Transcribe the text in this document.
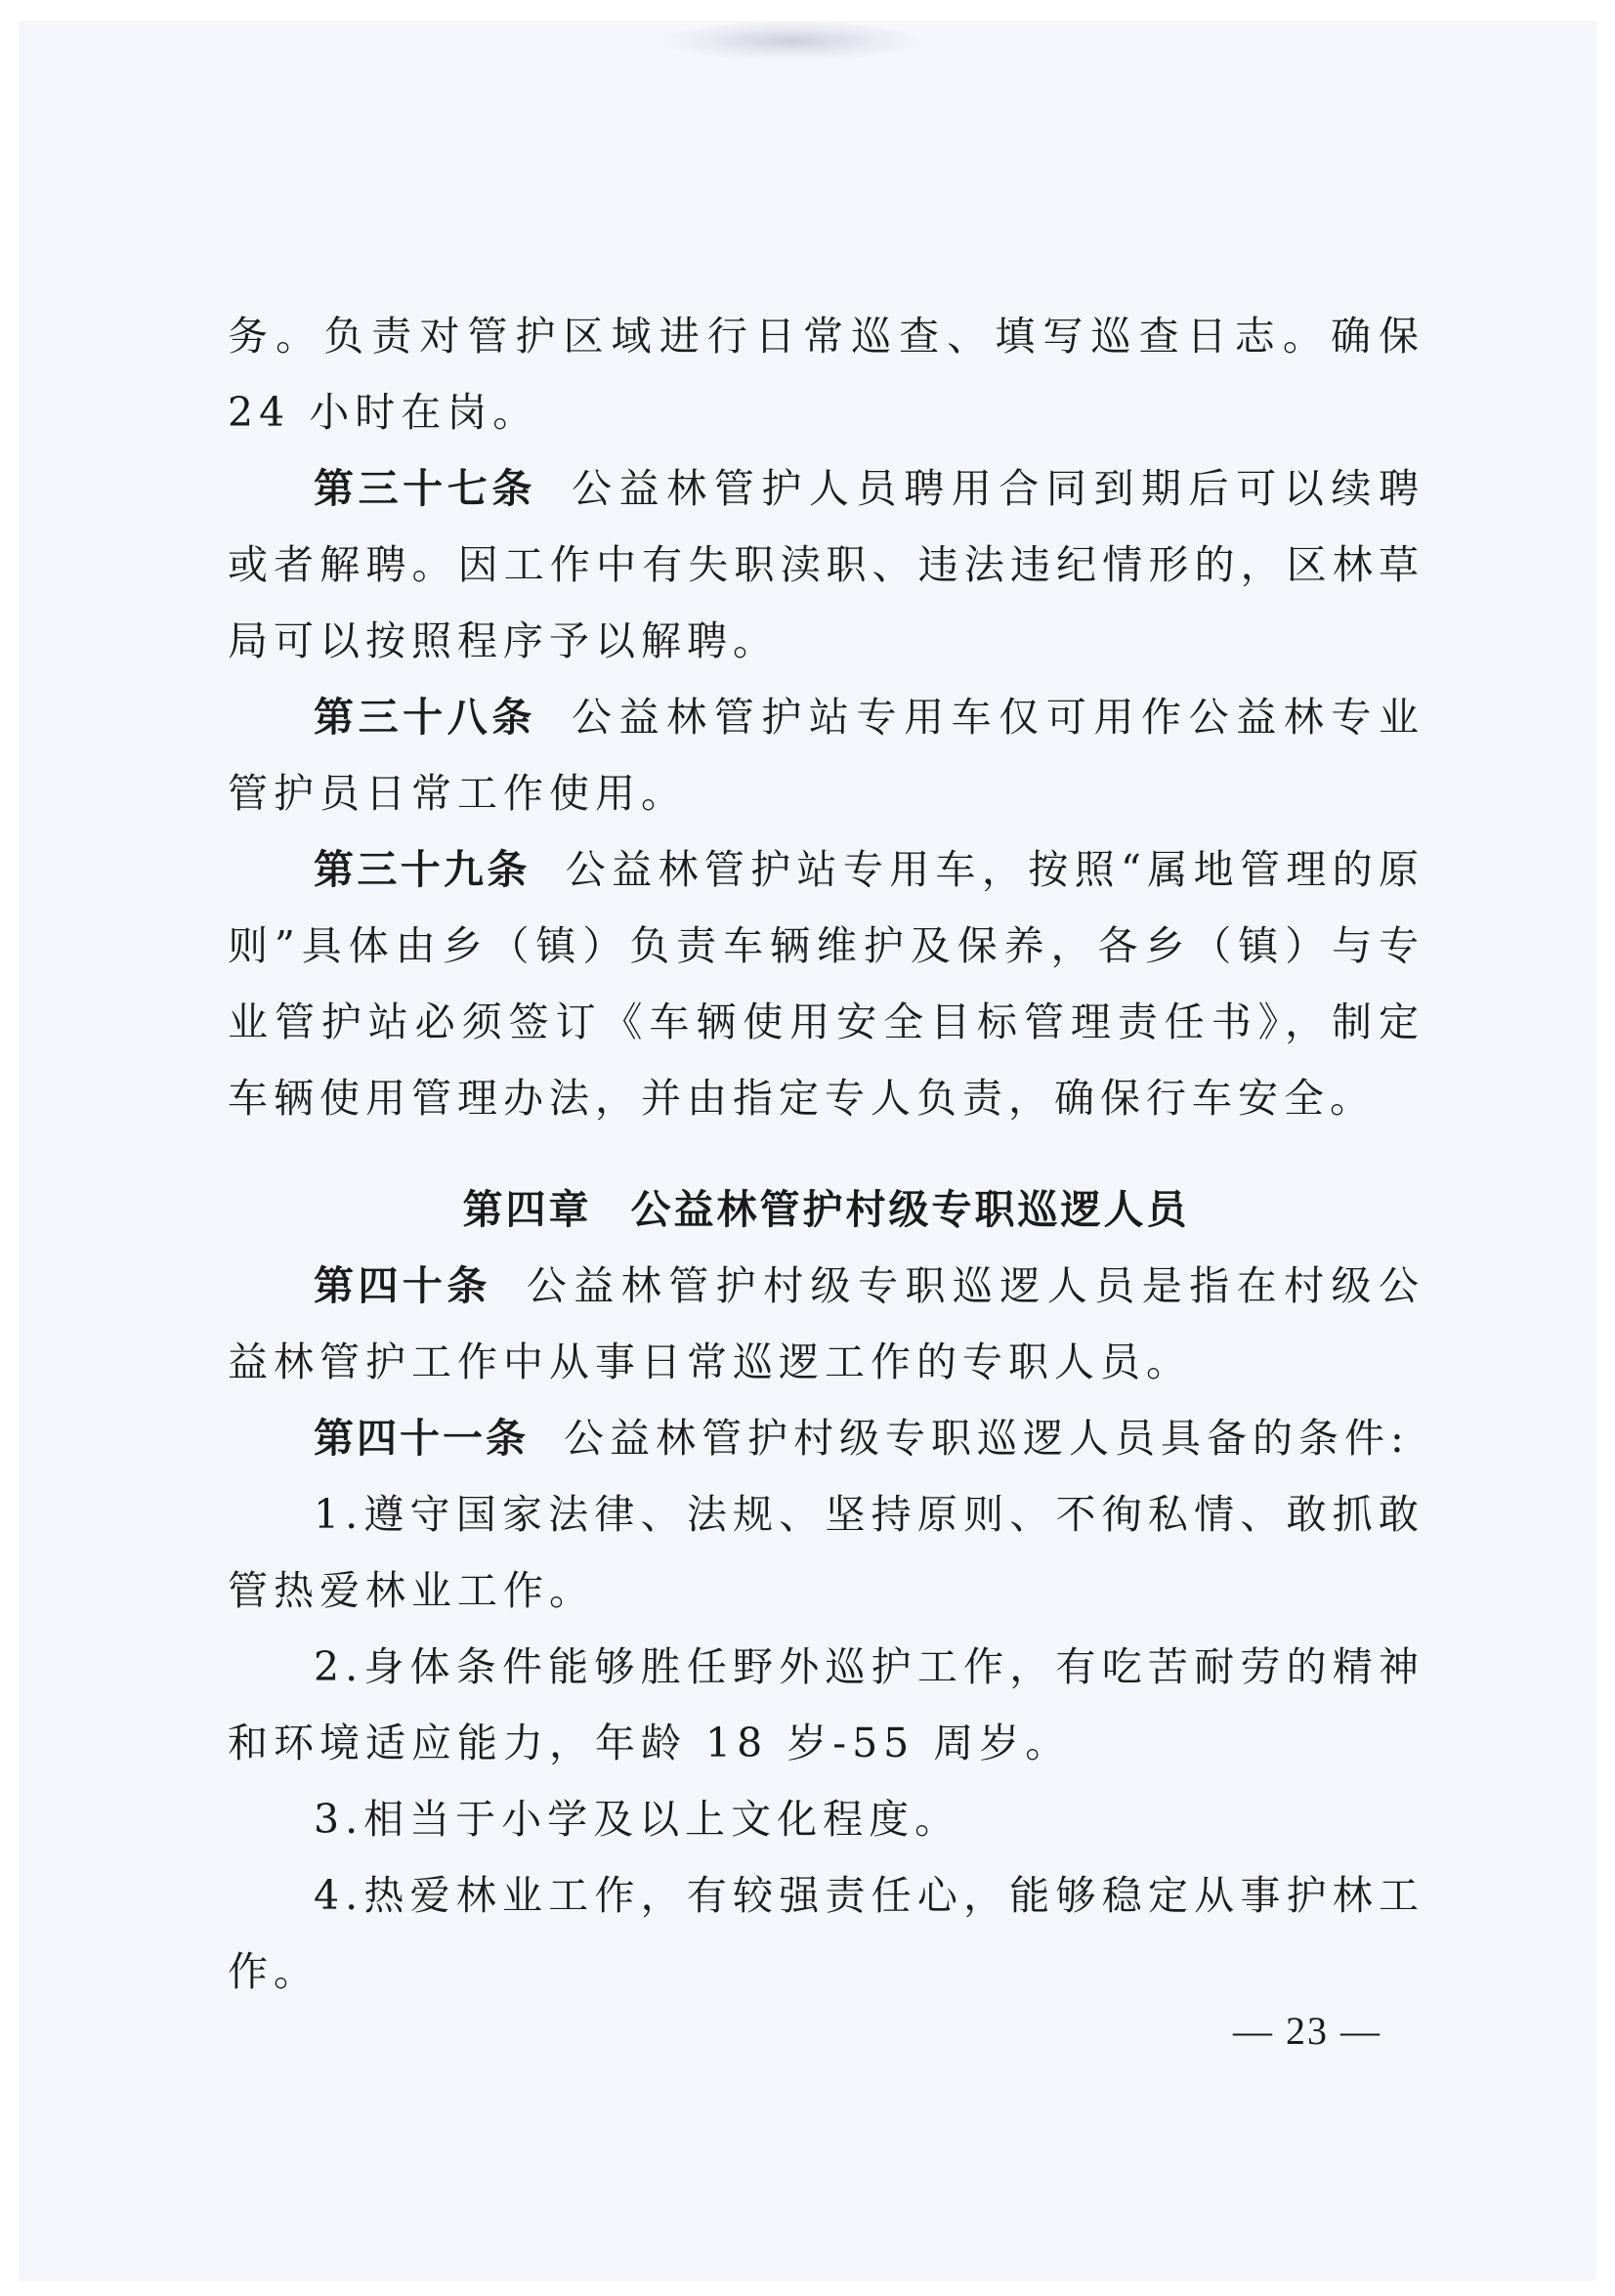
务。负责对管护区域进行日常巡查、填写巡查日志。确保 24 小时在岗。

第三十七条 公益林管护人员聘用合同到期后可以续聘或者解聘。因工作中有失职渎职、违法违纪情形的，区林草局可以按照程序予以解聘。

第三十八条 公益林管护站专用车仅可用作公益林专业管护员日常工作使用。

第三十九条 公益林管护站专用车，按照“属地管理的原则”具体由乡（镇）负责车辆维护及保养，各乡（镇）与专业管护站必须签订《车辆使用安全目标管理责任书》，制定车辆使用管理办法，并由指定专人负责，确保行车安全。

第四章 公益林管护村级专职巡逻人员

第四十条 公益林管护村级专职巡逻人员是指在村级公益林管护工作中从事日常巡逻工作的专职人员。

第四十一条 公益林管护村级专职巡逻人员具备的条件:

1.遵守国家法律、法规、坚持原则、不徇私情、敢抓敢管热爱林业工作。

2.身体条件能够胜任野外巡护工作，有吃苦耐劳的精神和环境适应能力，年龄 18 岁-55 周岁。

3.相当于小学及以上文化程度。

4.热爱林业工作，有较强责任心，能够稳定从事护林工作。

— 23 —
